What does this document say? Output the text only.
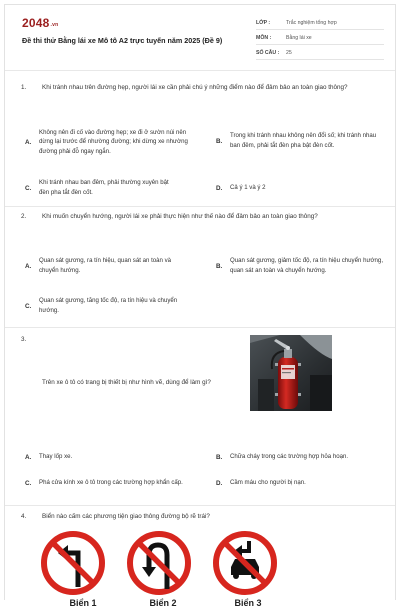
$2048^{.vn}$
Đề thi thử Bằng lái xe Mô tô A2 trực tuyến năm 2025 (Đề 9)
LỚP :	Trắc nghiệm tổng hợp
MÔN :	Bằng lái xe
SỐ CÂU : 25
1. Khi tránh nhau trên đường hẹp, người lái xe cần phải chú ý những điểm nào để đảm bảo an toàn giao thông?
A.
Không nên đi cố vào đường hẹp; xe đi ở sườn núi nên dừng lại trước để nhường đường; khi dừng xe nhường đường phải đỗ ngay ngắn.
B.
Trong khi tránh nhau không nên đổi số; khi tránh nhau ban đêm, phải tắt đèn pha bật đèn cốt.
C.
Khi tránh nhau ban đêm, phải thường xuyên bật đèn pha tắt đèn cốt.
D.	Cả ý 1 và ý 2
2. Khi muốn chuyển hướng, người lái xe phải thực hiện như thế nào để đảm bảo an toàn giao thông?
A.
Quan sát gương, ra tín hiệu, quan sát an toàn và chuyển hướng.
B.
Quan sát gương, giảm tốc độ, ra tín hiệu chuyển hướng, quan sát an toàn và chuyển hướng.
C.
Quan sát gương, tăng tốc độ, ra tín hiệu và chuyển hướng.
3.
Trên xe ô tô có trang bị thiết bị như hình vẽ, dùng để làm gì?
A.	Thay lốp xe.	B.	Chữa cháy trong các trường hợp hỏa hoạn.
C.	Phá cửa kính xe ô tô trong các trường hợp khẩn cấp.	D.	Cầm máu cho người bị nạn.
4. Biển nào cấm các phương tiện giao thông đường bộ rẽ trái?
Biển 1	Biển 2	Biển 3
